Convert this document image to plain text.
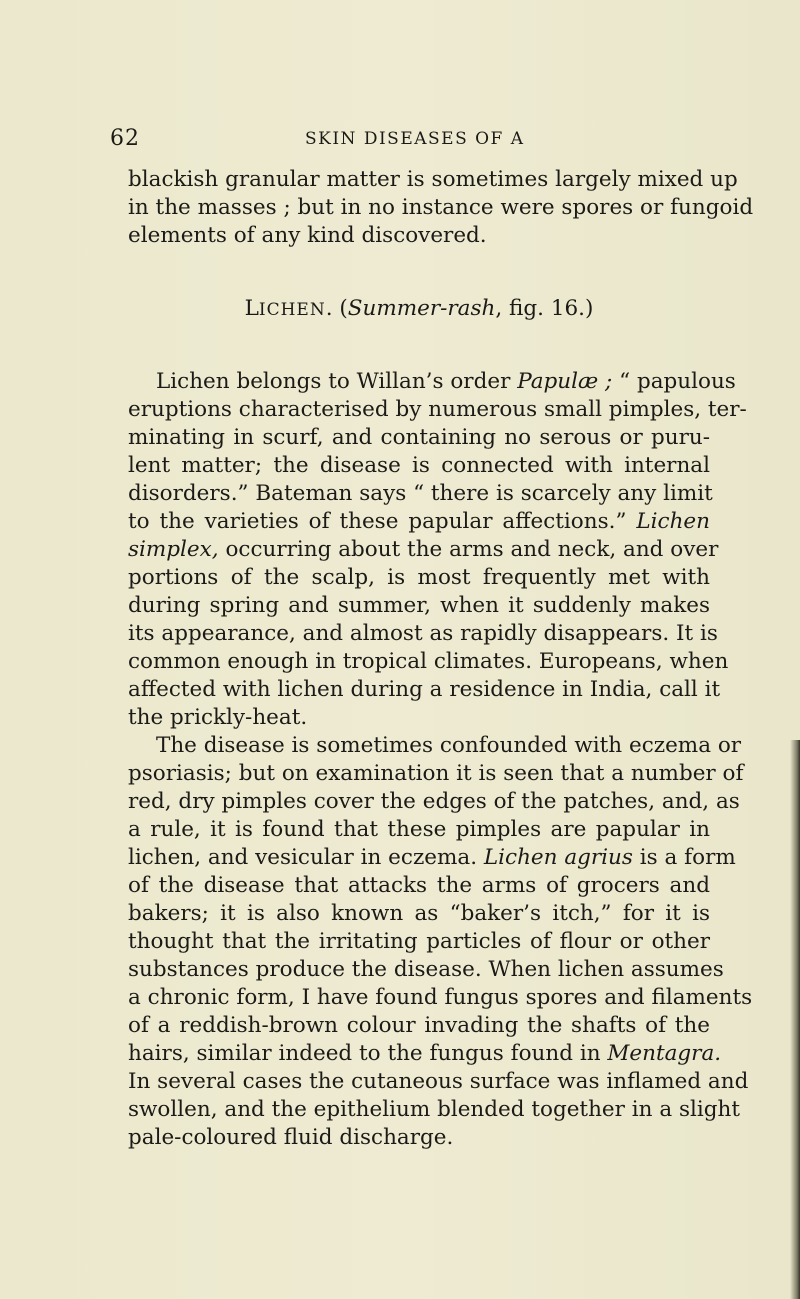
62	SKIN DISEASES OF A
blackish granular matter is sometimes largely mixed up
in the masses ; but in no instance were spores or fungoid
elements of any kind discovered.
LICHEN. (Summer-rash, fig. 16.)
Lichen belongs to Willan’s order Papulæ ; “ papulous
eruptions characterised by numerous small pimples, ter-
minating in scurf, and containing no serous or puru-
lent matter; the disease is connected with internal
disorders.” Bateman says “ there is scarcely any limit
to the varieties of these papular affections.” Lichen
simplex, occurring about the arms and neck, and over
portions of the scalp, is most frequently met with
during spring and summer, when it suddenly makes
its appearance, and almost as rapidly disappears. It is
common enough in tropical climates. Europeans, when
affected with lichen during a residence in India, call it
the prickly-heat.
The disease is sometimes confounded with eczema or
psoriasis; but on examination it is seen that a number of
red, dry pimples cover the edges of the patches, and, as
a rule, it is found that these pimples are papular in
lichen, and vesicular in eczema. Lichen agrius is a form
of the disease that attacks the arms of grocers and
bakers; it is also known as “baker’s itch,” for it is
thought that the irritating particles of flour or other
substances produce the disease. When lichen assumes
a chronic form, I have found fungus spores and filaments
of a reddish-brown colour invading the shafts of the
hairs, similar indeed to the fungus found in Mentagra.
In several cases the cutaneous surface was inflamed and
swollen, and the epithelium blended together in a slight
pale-coloured fluid discharge.
